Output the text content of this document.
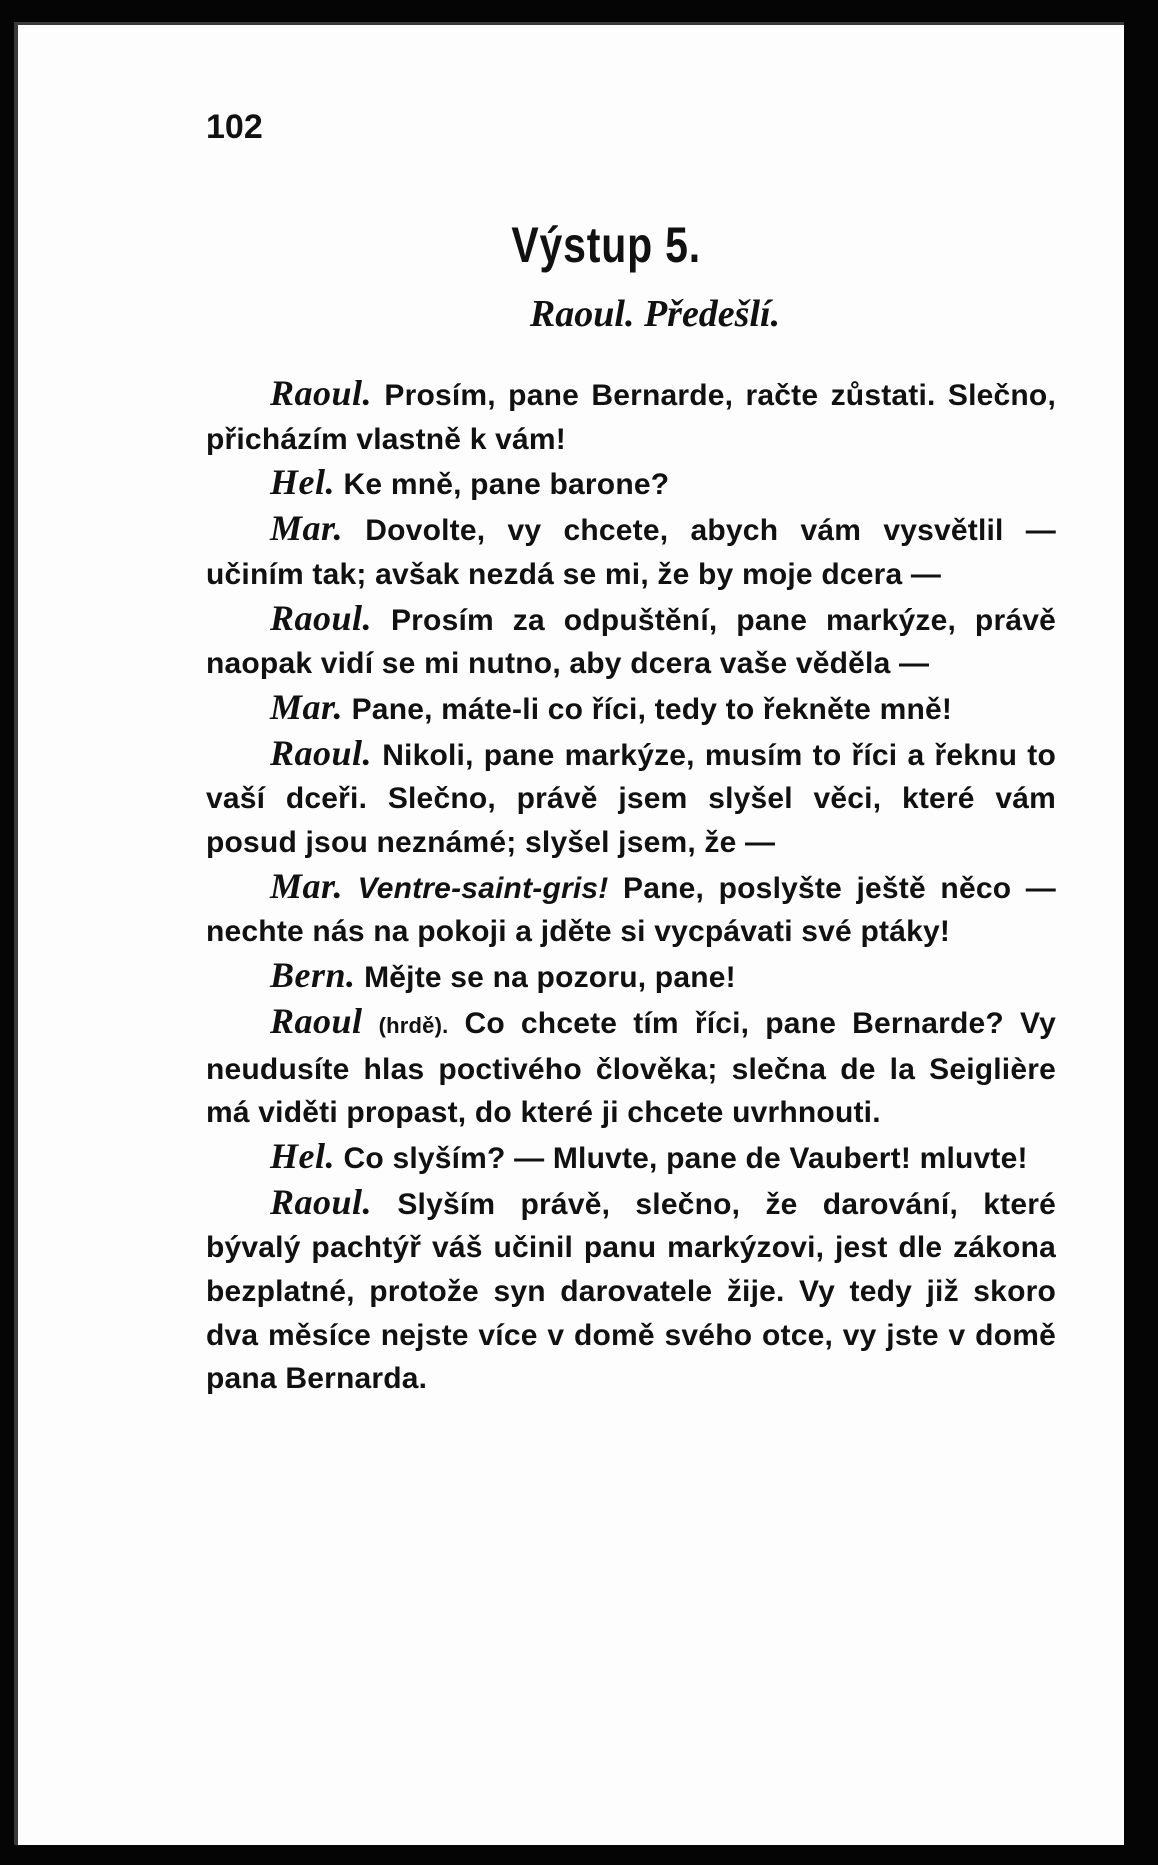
102
Výstup 5.
Raoul. Předešlí.

Raoul. Prosím, pane Bernarde, račte zůstati. Slečno, přicházím vlastně k vám!

Hel. Ke mně, pane barone?

Mar. Dovolte, vy chcete, abych vám vysvětlil — učiním tak; avšak nezdá se mi, že by moje dcera —

Raoul. Prosím za odpuštění, pane markýze, právě naopak vidí se mi nutno, aby dcera vaše věděla —

Mar. Pane, máte-li co říci, tedy to řekněte mně!

Raoul. Nikoli, pane markýze, musím to říci a řeknu to vaší dceři. Slečno, právě jsem slyšel věci, které vám posud jsou neznámé; slyšel jsem, že —

Mar. Ventre-saint-gris! Pane, poslyšte ještě něco — nechte nás na pokoji a jděte si vycpávati své ptáky!

Bern. Mějte se na pozoru, pane!

Raoul (hrdě). Co chcete tím říci, pane Bernarde? Vy neudusíte hlas poctivého člověka; slečna de la Seiglière má viděti propast, do které ji chcete uvrhnouti.

Hel. Co slyším? — Mluvte, pane de Vaubert! mluvte!

Raoul. Slyším právě, slečno, že darování, které bývalý pachtýř váš učinil panu markýzovi, jest dle zákona bezplatné, protože syn darovatele žije. Vy tedy již skoro dva měsíce nejste více v domě svého otce, vy jste v domě pana Bernarda.
